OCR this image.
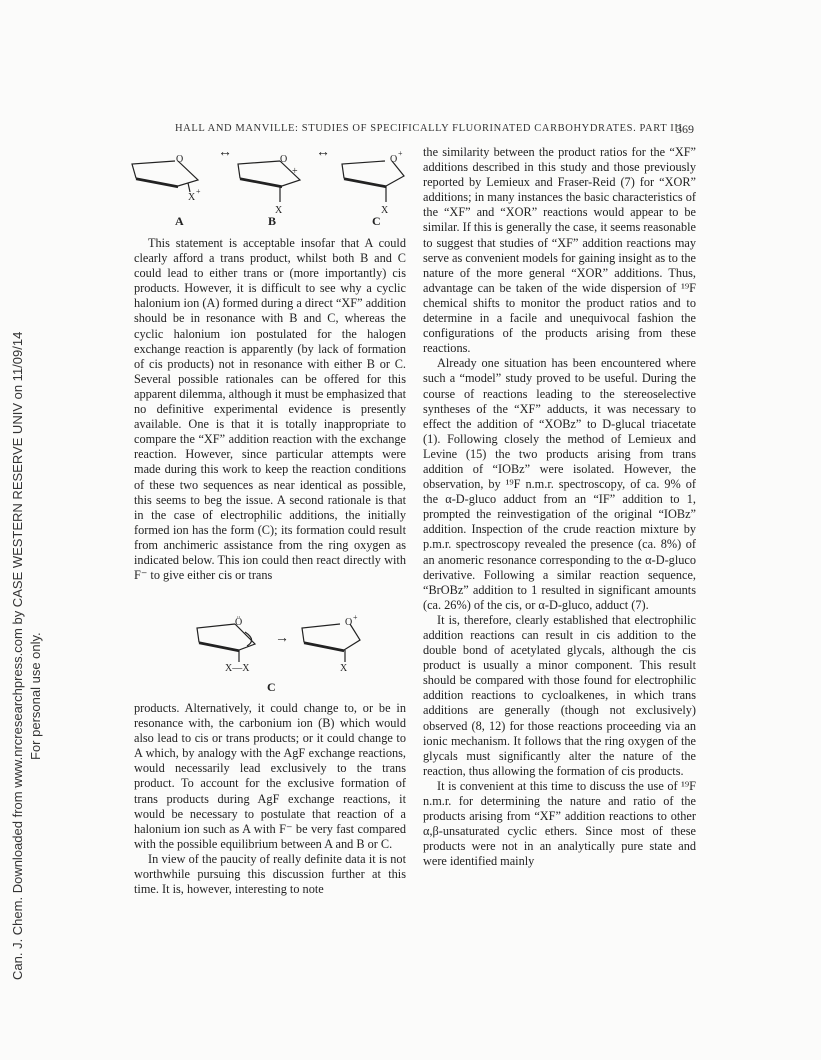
Can. J. Chem. Downloaded from www.nrcresearchpress.com by CASE WESTERN RESERVE UNIV on 11/09/14 For personal use only.
HALL AND MANVILLE: STUDIES OF SPECIFICALLY FLUORINATED CARBOHYDRATES. PART III
369
O
X
+
O
X
+
O
+
X
↔	↔
A	B	C

This statement is acceptable insofar that A could clearly afford a trans product, whilst both B and C could lead to either trans or (more importantly) cis products. However, it is difficult to see why a cyclic halonium ion (A) formed during a direct “XF” addition should be in resonance with B and C, whereas the cyclic halonium ion postulated for the halogen exchange reaction is apparently (by lack of formation of cis products) not in resonance with either B or C. Several possible rationales can be offered for this apparent dilemma, although it must be emphasized that no definitive experimental evidence is presently available. One is that it is totally inappropriate to compare the “XF” addition reaction with the exchange reaction. However, since particular attempts were made during this work to keep the reaction conditions of these two sequences as near identical as possible, this seems to beg the issue. A second rationale is that in the case of electrophilic additions, the initially formed ion has the form (C); its formation could result from anchimeric assistance from the ring oxygen as indicated below. This ion could then react directly with F⁻ to give either cis or trans

Ö
X—X
O +
X
→
C

products. Alternatively, it could change to, or be in resonance with, the carbonium ion (B) which would also lead to cis or trans products; or it could change to A which, by analogy with the AgF exchange reactions, would necessarily lead exclusively to the trans product. To account for the exclusive formation of trans products during AgF exchange reactions, it would be necessary to postulate that reaction of a halonium ion such as A with F⁻ be very fast compared with the possible equilibrium between A and B or C.

In view of the paucity of really definite data it is not worthwhile pursuing this discussion further at this time. It is, however, interesting to note

the similarity between the product ratios for the “XF” additions described in this study and those previously reported by Lemieux and Fraser-Reid (7) for “XOR” additions; in many instances the basic characteristics of the “XF” and “XOR” reactions would appear to be similar. If this is generally the case, it seems reasonable to suggest that studies of “XF” addition reactions may serve as convenient models for gaining insight as to the nature of the more general “XOR” additions. Thus, advantage can be taken of the wide dispersion of ¹⁹F chemical shifts to monitor the product ratios and to determine in a facile and unequivocal fashion the configurations of the products arising from these reactions.

Already one situation has been encountered where such a “model” study proved to be useful. During the course of reactions leading to the stereoselective syntheses of the “XF” adducts, it was necessary to effect the addition of “XOBz” to D-glucal triacetate (1). Following closely the method of Lemieux and Levine (15) the two products arising from trans addition of “IOBz” were isolated. However, the observation, by ¹⁹F n.m.r. spectroscopy, of ca. 9% of the α-D-gluco adduct from an “IF” addition to 1, prompted the reinvestigation of the original “IOBz” addition. Inspection of the crude reaction mixture by p.m.r. spectroscopy revealed the presence (ca. 8%) of an anomeric resonance corresponding to the α-D-gluco derivative. Following a similar reaction sequence, “BrOBz” addition to 1 resulted in significant amounts (ca. 26%) of the cis, or α-D-gluco, adduct (7).

It is, therefore, clearly established that electrophilic addition reactions can result in cis addition to the double bond of acetylated glycals, although the cis product is usually a minor component. This result should be compared with those found for electrophilic addition reactions to cycloalkenes, in which trans additions are generally (though not exclusively) observed (8, 12) for those reactions proceeding via an ionic mechanism. It follows that the ring oxygen of the glycals must significantly alter the nature of the reaction, thus allowing the formation of cis products.

It is convenient at this time to discuss the use of ¹⁹F n.m.r. for determining the nature and ratio of the products arising from “XF” addition reactions to other α,β-unsaturated cyclic ethers. Since most of these products were not in an analytically pure state and were identified mainly
